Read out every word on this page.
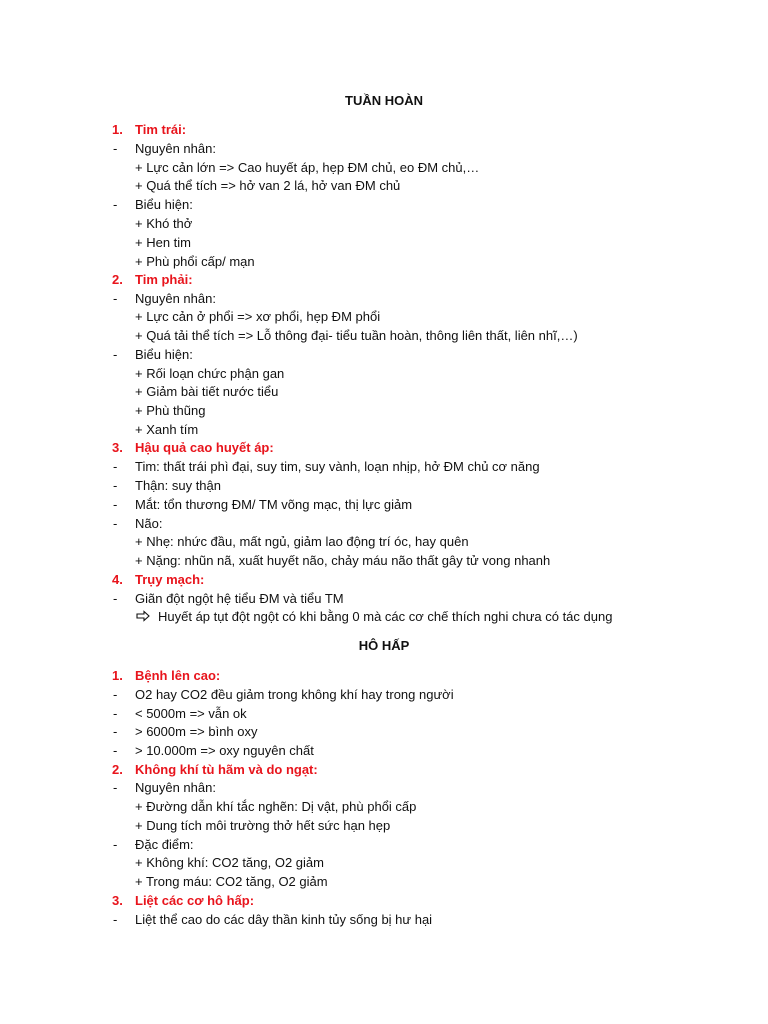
TUẦN HOÀN
1. Tim trái:
- Nguyên nhân:
+ Lực cản lớn => Cao huyết áp, hẹp ĐM chủ, eo ĐM chủ,…
+ Quá thể tích => hở van 2 lá, hở van ĐM chủ
- Biểu hiện:
+ Khó thở
+ Hen tim
+ Phù phổi cấp/ mạn
2. Tim phải:
- Nguyên nhân:
+ Lực cản ở phổi => xơ phổi, hẹp ĐM phổi
+ Quá tải thể tích => Lỗ thông đại- tiểu tuần hoàn, thông liên thất, liên nhĩ,…)
- Biểu hiện:
+ Rối loạn chức phận gan
+ Giảm bài tiết nước tiểu
+ Phù thũng
+ Xanh tím
3. Hậu quả cao huyết áp:
- Tim: thất trái phì đại, suy tim, suy vành, loạn nhịp, hở ĐM chủ cơ năng
- Thận: suy thận
- Mắt: tổn thương ĐM/ TM võng mạc, thị lực giảm
- Não:
+ Nhẹ: nhức đầu, mất ngủ, giảm lao động trí óc, hay quên
+ Nặng: nhũn nã, xuất huyết não, chảy máu não thất gây tử vong nhanh
4. Trụy mạch:
- Giãn đột ngột hệ tiểu ĐM và tiểu TM
Huyết áp tụt đột ngột có khi bằng 0 mà các cơ chế thích nghi chưa có tác dụng
HÔ HẤP
1. Bệnh lên cao:
- O2 hay CO2 đều giảm trong không khí hay trong người
- < 5000m => vẫn ok
- > 6000m => bình oxy
- > 10.000m => oxy nguyên chất
2. Không khí tù hãm và do ngạt:
- Nguyên nhân:
+ Đường dẫn khí tắc nghẽn: Dị vật, phù phổi cấp
+ Dung tích môi trường thở hết sức hạn hẹp
- Đặc điểm:
+ Không khí: CO2 tăng, O2 giảm
+ Trong máu: CO2 tăng, O2 giảm
3. Liệt các cơ hô hấp:
- Liệt thể cao do các dây thần kinh tủy sống bị hư hại
